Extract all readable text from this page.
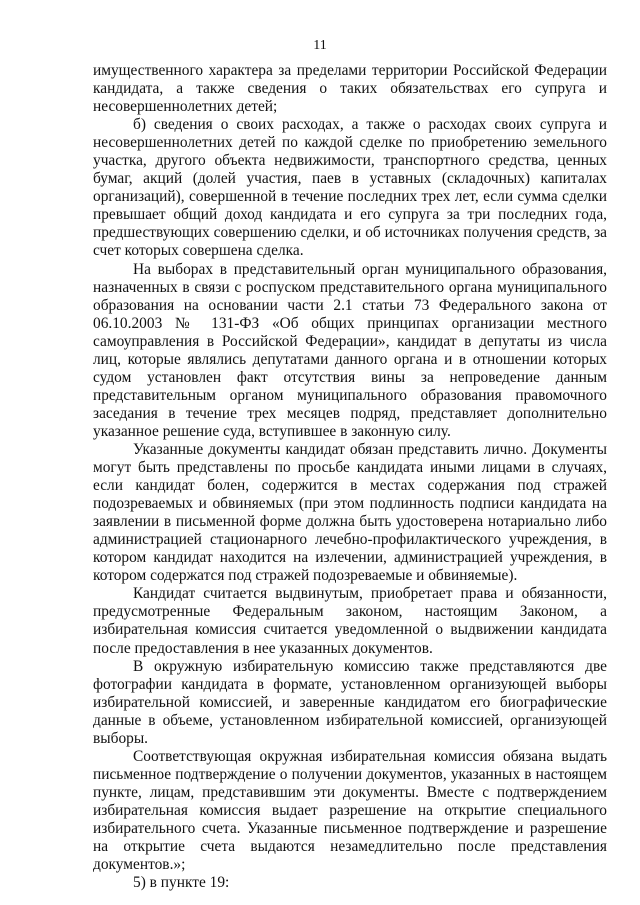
11

имущественного характера за пределами территории Российской Федерации кандидата, а также сведения о таких обязательствах его супруга и несовершеннолетних детей;

б) сведения о своих расходах, а также о расходах своих супруга и несовершеннолетних детей по каждой сделке по приобретению земельного участка, другого объекта недвижимости, транспортного средства, ценных бумаг, акций (долей участия, паев в уставных (складочных) капиталах организаций), совершенной в течение последних трех лет, если сумма сделки превышает общий доход кандидата и его супруга за три последних года, предшествующих совершению сделки, и об источниках получения средств, за счет которых совершена сделка.

На выборах в представительный орган муниципального образования, назначенных в связи с роспуском представительного органа муниципального образования на основании части 2.1 статьи 73 Федерального закона от 06.10.2003 № 131-ФЗ «Об общих принципах организации местного самоуправления в Российской Федерации», кандидат в депутаты из числа лиц, которые являлись депутатами данного органа и в отношении которых судом установлен факт отсутствия вины за непроведение данным представительным органом муниципального образования правомочного заседания в течение трех месяцев подряд, представляет дополнительно указанное решение суда, вступившее в законную силу.

Указанные документы кандидат обязан представить лично. Документы могут быть представлены по просьбе кандидата иными лицами в случаях, если кандидат болен, содержится в местах содержания под стражей подозреваемых и обвиняемых (при этом подлинность подписи кандидата на заявлении в письменной форме должна быть удостоверена нотариально либо администрацией стационарного лечебно-профилактического учреждения, в котором кандидат находится на излечении, администрацией учреждения, в котором содержатся под стражей подозреваемые и обвиняемые).

Кандидат считается выдвинутым, приобретает права и обязанности, предусмотренные Федеральным законом, настоящим Законом, а избирательная комиссия считается уведомленной о выдвижении кандидата после предоставления в нее указанных документов.

В окружную избирательную комиссию также представляются две фотографии кандидата в формате, установленном организующей выборы избирательной комиссией, и заверенные кандидатом его биографические данные в объеме, установленном избирательной комиссией, организующей выборы.

Соответствующая окружная избирательная комиссия обязана выдать письменное подтверждение о получении документов, указанных в настоящем пункте, лицам, представившим эти документы. Вместе с подтверждением избирательная комиссия выдает разрешение на открытие специального избирательного счета. Указанные письменное подтверждение и разрешение на открытие счета выдаются незамедлительно после представления документов.»;

5) в пункте 19:
